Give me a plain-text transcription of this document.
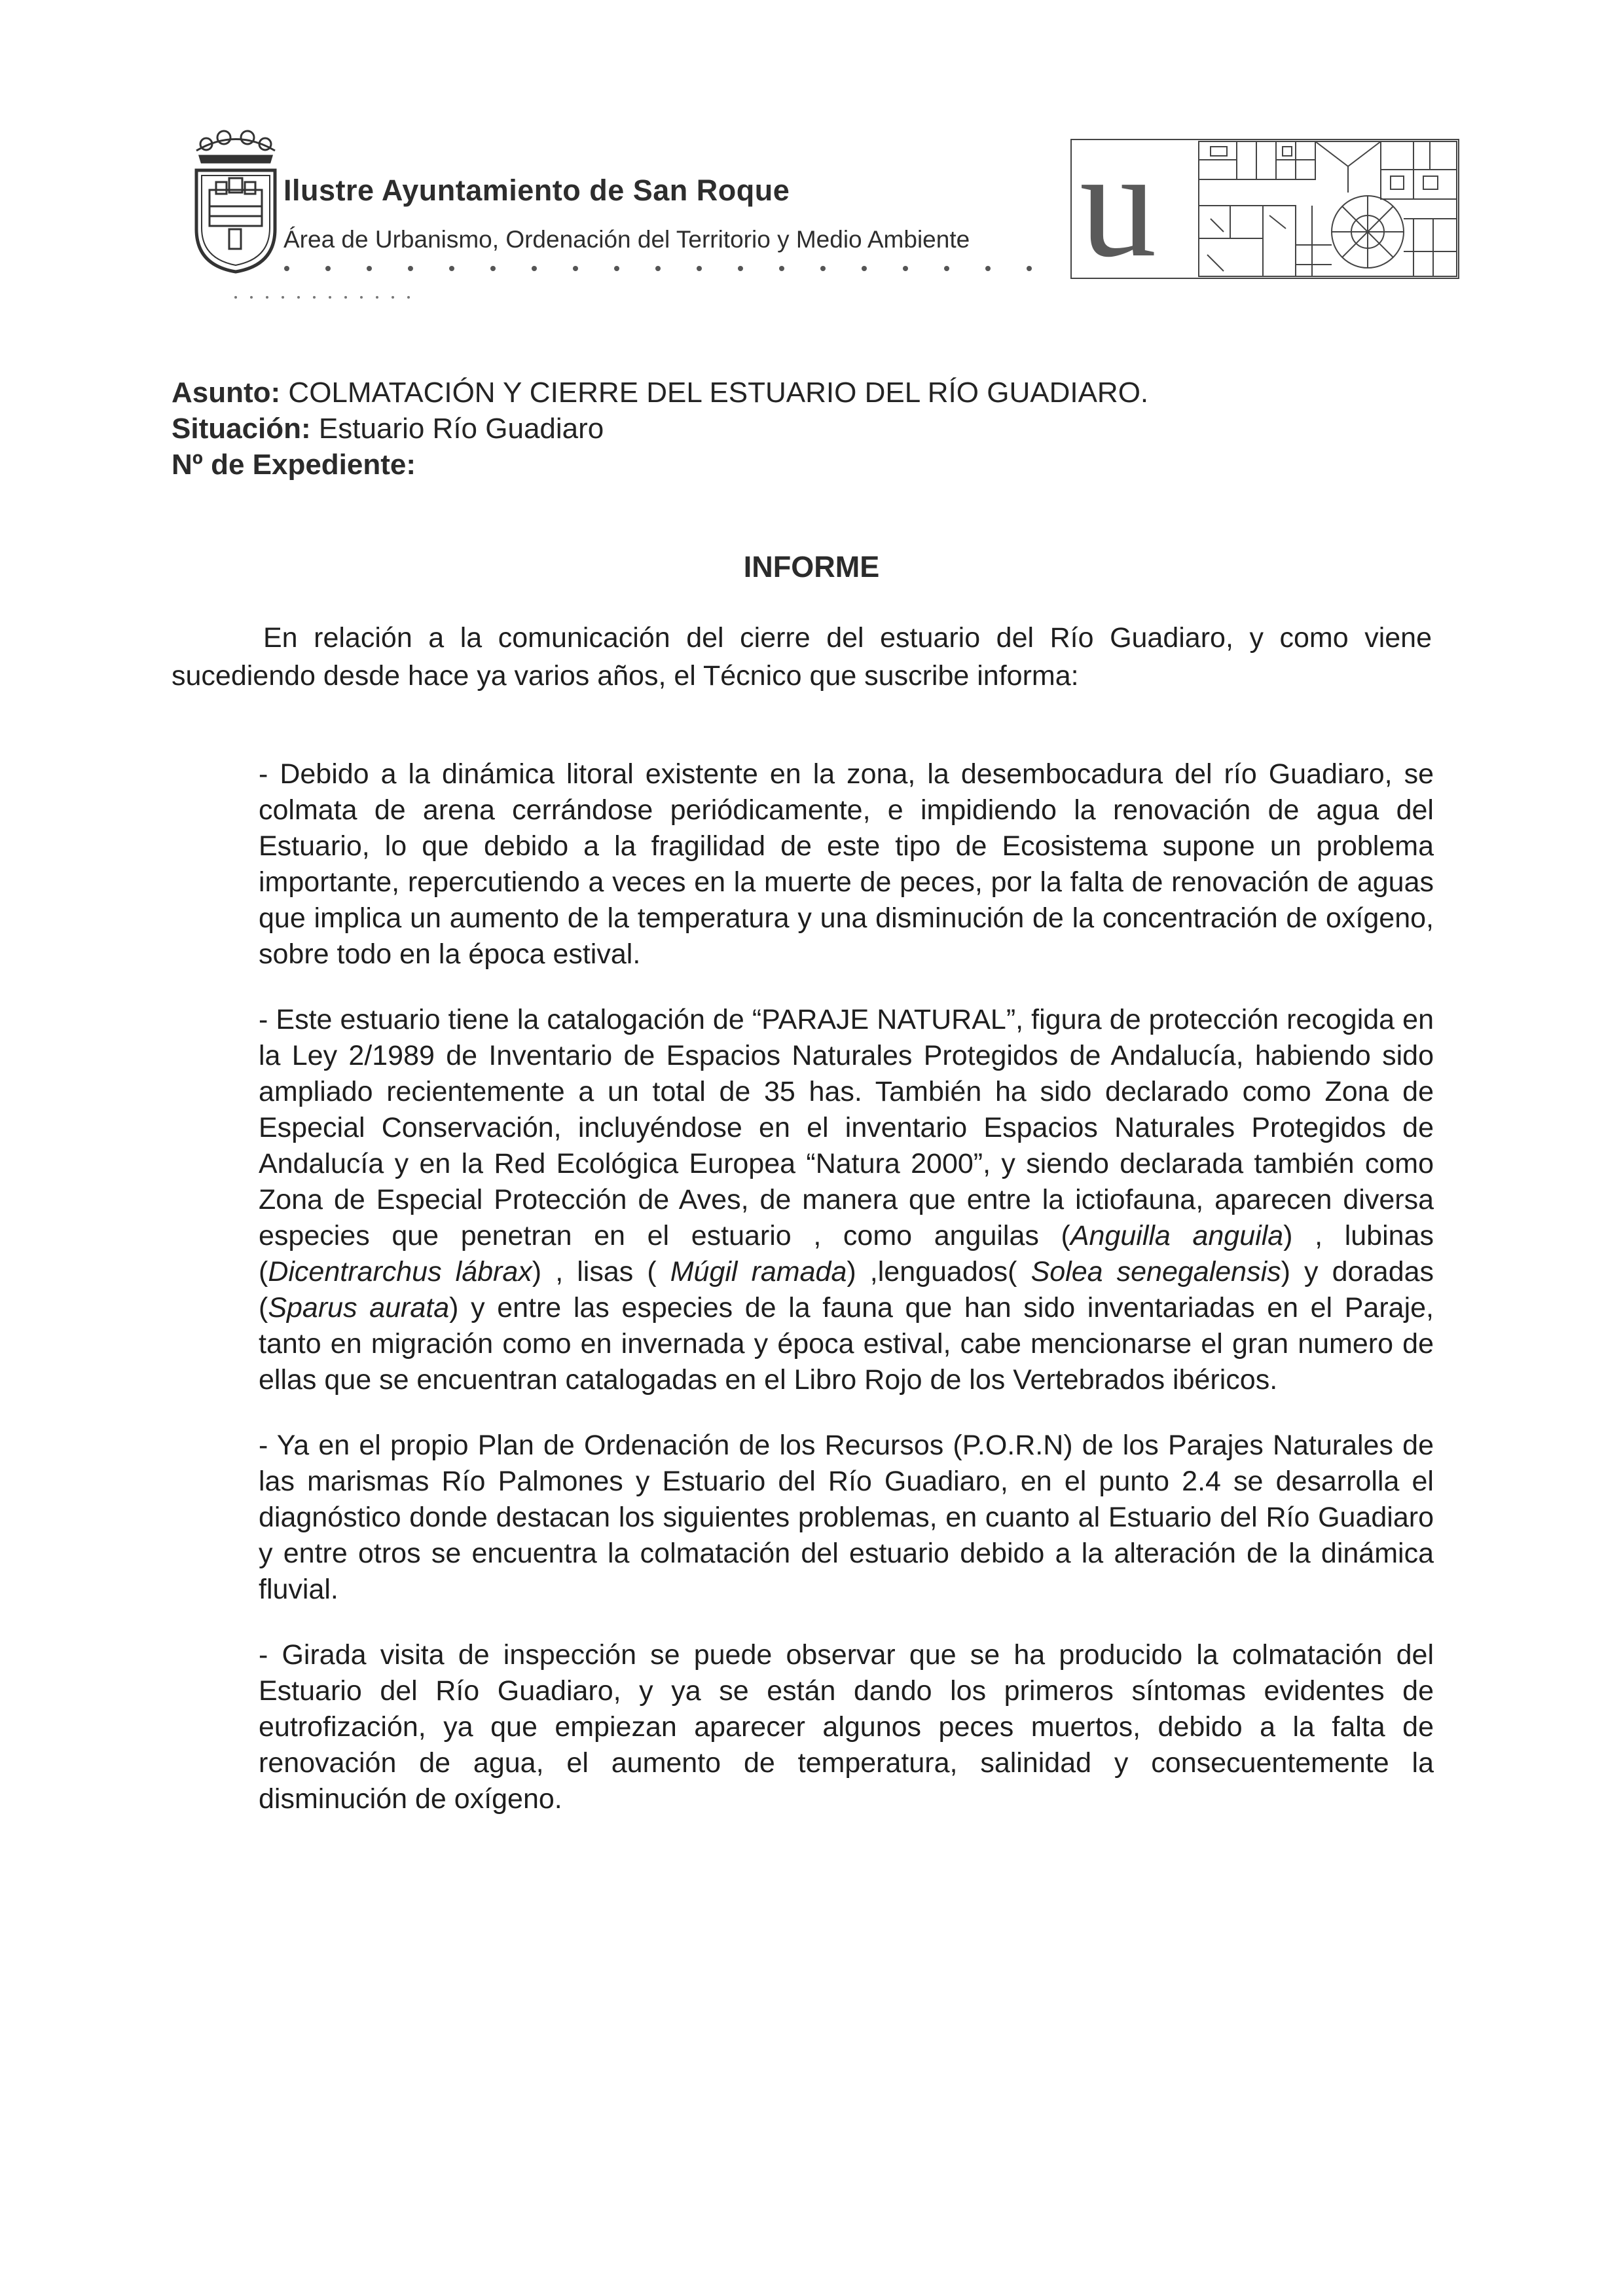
Ilustre Ayuntamiento de San Roque
Área de Urbanismo, Ordenación del Territorio y Medio Ambiente u
Asunto: COLMATACIÓN Y CIERRE DEL ESTUARIO DEL RÍO GUADIARO.
Situación: Estuario Río Guadiaro
Nº de Expediente:
INFORME
En relación a la comunicación del cierre del estuario del Río Guadiaro, y como viene sucediendo desde hace ya varios años, el Técnico que suscribe informa:

- Debido a la dinámica litoral existente en la zona, la desembocadura del río Guadiaro, se colmata de arena cerrándose periódicamente, e impidiendo la renovación de agua del Estuario, lo que debido a la fragilidad de este tipo de Ecosistema supone un problema importante, repercutiendo a veces en la muerte de peces, por la falta de renovación de aguas que implica un aumento de la temperatura y una disminución de la concentración de oxígeno, sobre todo en la época estival.

- Este estuario tiene la catalogación de “PARAJE NATURAL”, figura de protección recogida en la Ley 2/1989 de Inventario de Espacios Naturales Protegidos de Andalucía, habiendo sido ampliado recientemente a un total de 35 has. También ha sido declarado como Zona de Especial Conservación, incluyéndose en el inventario Espacios Naturales Protegidos de Andalucía y en la Red Ecológica Europea “Natura 2000”, y siendo declarada también como Zona de Especial Protección de Aves, de manera que entre la ictiofauna, aparecen diversa especies que penetran en el estuario , como anguilas (Anguilla anguila) , lubinas (Dicentrarchus lábrax) , lisas ( Múgil ramada) ,lenguados( Solea senegalensis) y doradas (Sparus aurata) y entre las especies de la fauna que han sido inventariadas en el Paraje, tanto en migración como en invernada y época estival, cabe mencionarse el gran numero de ellas que se encuentran catalogadas en el Libro Rojo de los Vertebrados ibéricos.

- Ya en el propio Plan de Ordenación de los Recursos (P.O.R.N) de los Parajes Naturales de las marismas Río Palmones y Estuario del Río Guadiaro, en el punto 2.4 se desarrolla el diagnóstico donde destacan los siguientes problemas, en cuanto al Estuario del Río Guadiaro y entre otros se encuentra la colmatación del estuario debido a la alteración de la dinámica fluvial.

- Girada visita de inspección se puede observar que se ha producido la colmatación del Estuario del Río Guadiaro, y ya se están dando los primeros síntomas evidentes de eutrofización, ya que empiezan aparecer algunos peces muertos, debido a la falta de renovación de agua, el aumento de temperatura, salinidad y consecuentemente la disminución de oxígeno.
